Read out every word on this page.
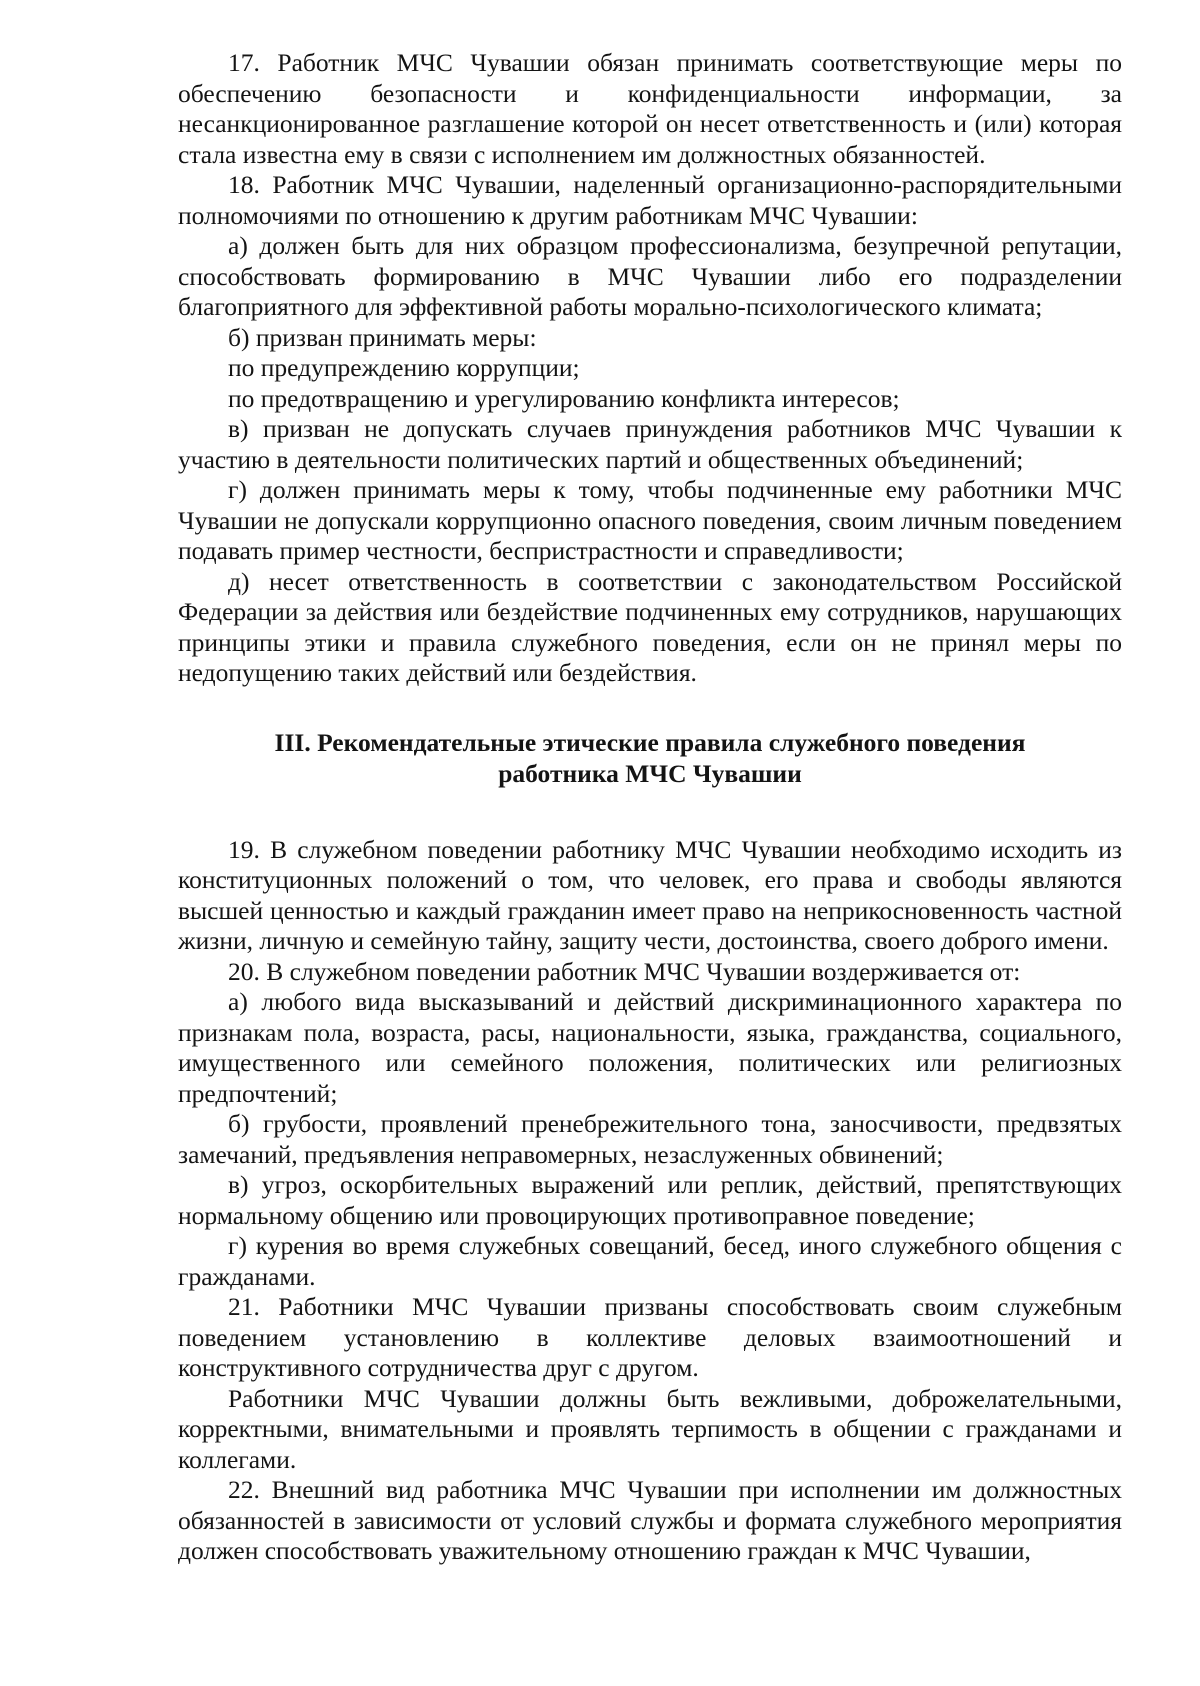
17. Работник МЧС Чувашии обязан принимать соответствующие меры по обеспечению безопасности и конфиденциальности информации, за несанкционированное разглашение которой он несет ответственность и (или) которая стала известна ему в связи с исполнением им должностных обязанностей.

18. Работник МЧС Чувашии, наделенный организационно-распорядительными полномочиями по отношению к другим работникам МЧС Чувашии:

а) должен быть для них образцом профессионализма, безупречной репутации, способствовать формированию в МЧС Чувашии либо его подразделении благоприятного для эффективной работы морально-психологического климата;

б) призван принимать меры:

по предупреждению коррупции;

по предотвращению и урегулированию конфликта интересов;

в) призван не допускать случаев принуждения работников МЧС Чувашии к участию в деятельности политических партий и общественных объединений;

г) должен принимать меры к тому, чтобы подчиненные ему работники МЧС Чувашии не допускали коррупционно опасного поведения, своим личным поведением подавать пример честности, беспристрастности и справедливости;

д) несет ответственность в соответствии с законодательством Российской Федерации за действия или бездействие подчиненных ему сотрудников, нарушающих принципы этики и правила служебного поведения, если он не принял меры по недопущению таких действий или бездействия.

III. Рекомендательные этические правила служебного поведения
работника МЧС Чувашии

19. В служебном поведении работнику МЧС Чувашии необходимо исходить из конституционных положений о том, что человек, его права и свободы являются высшей ценностью и каждый гражданин имеет право на неприкосновенность частной жизни, личную и семейную тайну, защиту чести, достоинства, своего доброго имени.

20. В служебном поведении работник МЧС Чувашии воздерживается от:

а) любого вида высказываний и действий дискриминационного характера по признакам пола, возраста, расы, национальности, языка, гражданства, социального, имущественного или семейного положения, политических или религиозных предпочтений;

б) грубости, проявлений пренебрежительного тона, заносчивости, предвзятых замечаний, предъявления неправомерных, незаслуженных обвинений;

в) угроз, оскорбительных выражений или реплик, действий, препятствующих нормальному общению или провоцирующих противоправное поведение;

г) курения во время служебных совещаний, бесед, иного служебного общения с гражданами.

21. Работники МЧС Чувашии призваны способствовать своим служебным поведением установлению в коллективе деловых взаимоотношений и конструктивного сотрудничества друг с другом.

Работники МЧС Чувашии должны быть вежливыми, доброжелательными, корректными, внимательными и проявлять терпимость в общении с гражданами и коллегами.

22. Внешний вид работника МЧС Чувашии при исполнении им должностных обязанностей в зависимости от условий службы и формата служебного мероприятия должен способствовать уважительному отношению граждан к МЧС Чувашии,
